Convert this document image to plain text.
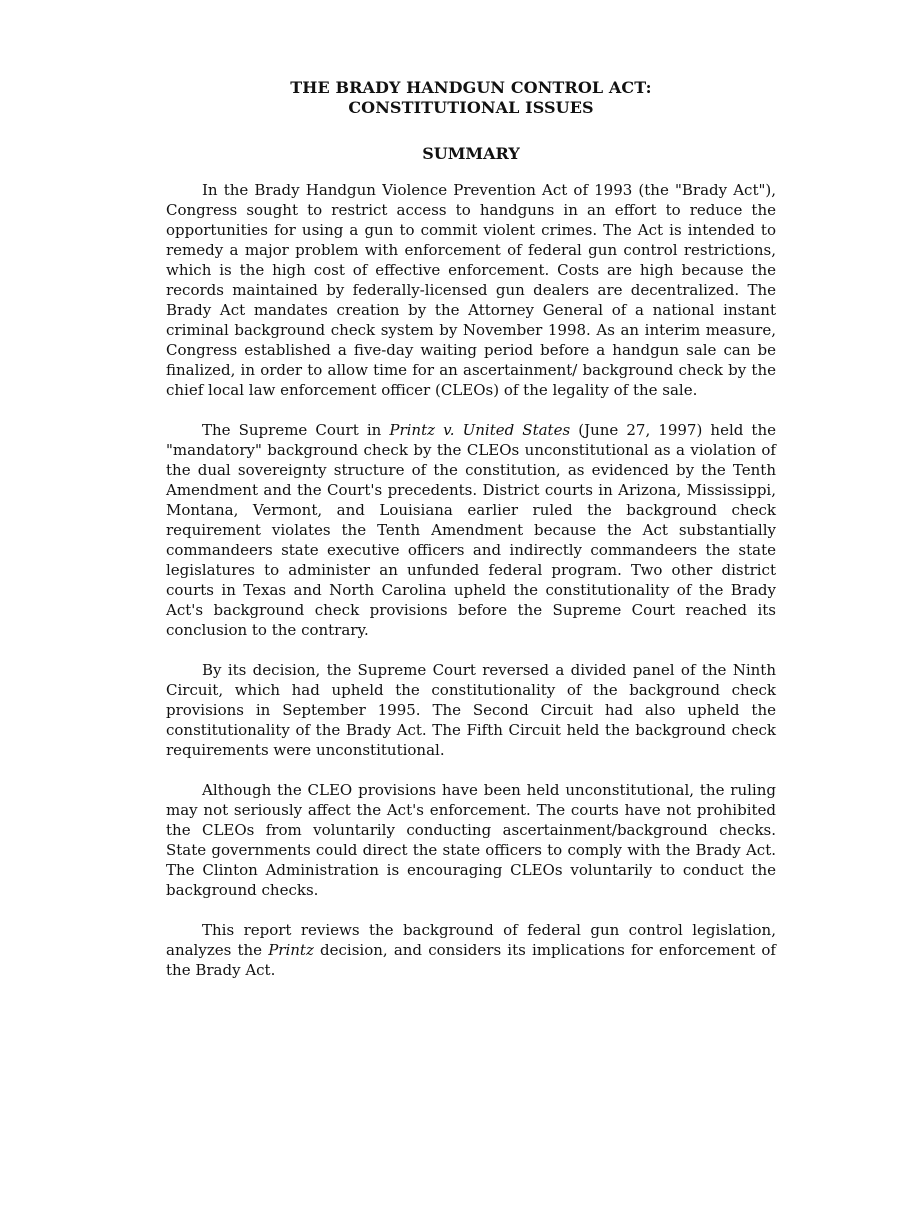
THE BRADY HANDGUN CONTROL ACT:
CONSTITUTIONAL ISSUES

SUMMARY

In the Brady Handgun Violence Prevention Act of 1993 (the "Brady Act"), Congress sought to restrict access to handguns in an effort to reduce the opportunities for using a gun to commit violent crimes. The Act is intended to remedy a major problem with enforcement of federal gun control restrictions, which is the high cost of effective enforcement. Costs are high because the records maintained by federally-licensed gun dealers are decentralized. The Brady Act mandates creation by the Attorney General of a national instant criminal background check system by November 1998. As an interim measure, Congress established a five-day waiting period before a handgun sale can be finalized, in order to allow time for an ascertainment/ background check by the chief local law enforcement officer (CLEOs) of the legality of the sale.

The Supreme Court in Printz v. United States (June 27, 1997) held the "mandatory" background check by the CLEOs unconstitutional as a violation of the dual sovereignty structure of the constitution, as evidenced by the Tenth Amendment and the Court's precedents. District courts in Arizona, Mississippi, Montana, Vermont, and Louisiana earlier ruled the background check requirement violates the Tenth Amendment because the Act substantially commandeers state executive officers and indirectly commandeers the state legislatures to administer an unfunded federal program. Two other district courts in Texas and North Carolina upheld the constitutionality of the Brady Act's background check provisions before the Supreme Court reached its conclusion to the contrary.

By its decision, the Supreme Court reversed a divided panel of the Ninth Circuit, which had upheld the constitutionality of the background check provisions in September 1995. The Second Circuit had also upheld the constitutionality of the Brady Act. The Fifth Circuit held the background check requirements were unconstitutional.

Although the CLEO provisions have been held unconstitutional, the ruling may not seriously affect the Act's enforcement. The courts have not prohibited the CLEOs from voluntarily conducting ascertainment/background checks. State governments could direct the state officers to comply with the Brady Act. The Clinton Administration is encouraging CLEOs voluntarily to conduct the background checks.

This report reviews the background of federal gun control legislation, analyzes the Printz decision, and considers its implications for enforcement of the Brady Act.
